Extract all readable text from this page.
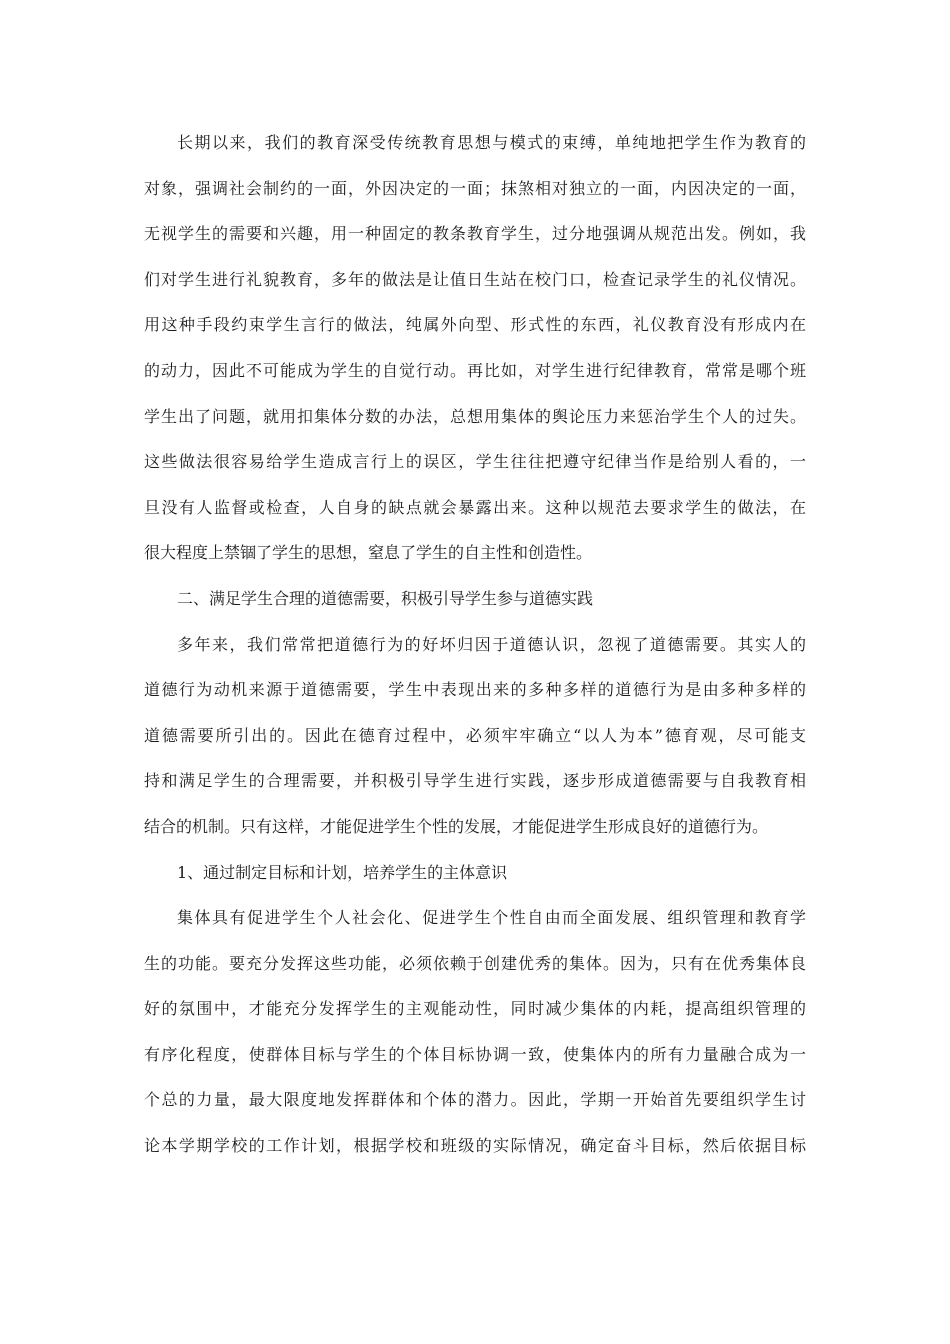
长期以来，我们的教育深受传统教育思想与模式的束缚，单纯地把学生作为教育的
对象，强调社会制约的一面，外因决定的一面；抹煞相对独立的一面，内因决定的一面，
无视学生的需要和兴趣，用一种固定的教条教育学生，过分地强调从规范出发。例如，我
们对学生进行礼貌教育，多年的做法是让值日生站在校门口，检查记录学生的礼仪情况。
用这种手段约束学生言行的做法，纯属外向型、形式性的东西，礼仪教育没有形成内在
的动力，因此不可能成为学生的自觉行动。再比如，对学生进行纪律教育，常常是哪个班
学生出了问题，就用扣集体分数的办法，总想用集体的舆论压力来惩治学生个人的过失。
这些做法很容易给学生造成言行上的误区，学生往往把遵守纪律当作是给别人看的，一
旦没有人监督或检查，人自身的缺点就会暴露出来。这种以规范去要求学生的做法，在
很大程度上禁锢了学生的思想，窒息了学生的自主性和创造性。
二、满足学生合理的道德需要，积极引导学生参与道德实践
多年来，我们常常把道德行为的好坏归因于道德认识，忽视了道德需要。其实人的
道德行为动机来源于道德需要，学生中表现出来的多种多样的道德行为是由多种多样的
道德需要所引出的。因此在德育过程中，必须牢牢确立“以人为本”德育观，尽可能支
持和满足学生的合理需要，并积极引导学生进行实践，逐步形成道德需要与自我教育相
结合的机制。只有这样，才能促进学生个性的发展，才能促进学生形成良好的道德行为。
1、通过制定目标和计划，培养学生的主体意识
集体具有促进学生个人社会化、促进学生个性自由而全面发展、组织管理和教育学
生的功能。要充分发挥这些功能，必须依赖于创建优秀的集体。因为，只有在优秀集体良
好的氛围中，才能充分发挥学生的主观能动性，同时减少集体的内耗，提高组织管理的
有序化程度，使群体目标与学生的个体目标协调一致，使集体内的所有力量融合成为一
个总的力量，最大限度地发挥群体和个体的潜力。因此，学期一开始首先要组织学生讨
论本学期学校的工作计划，根据学校和班级的实际情况，确定奋斗目标，然后依据目标
